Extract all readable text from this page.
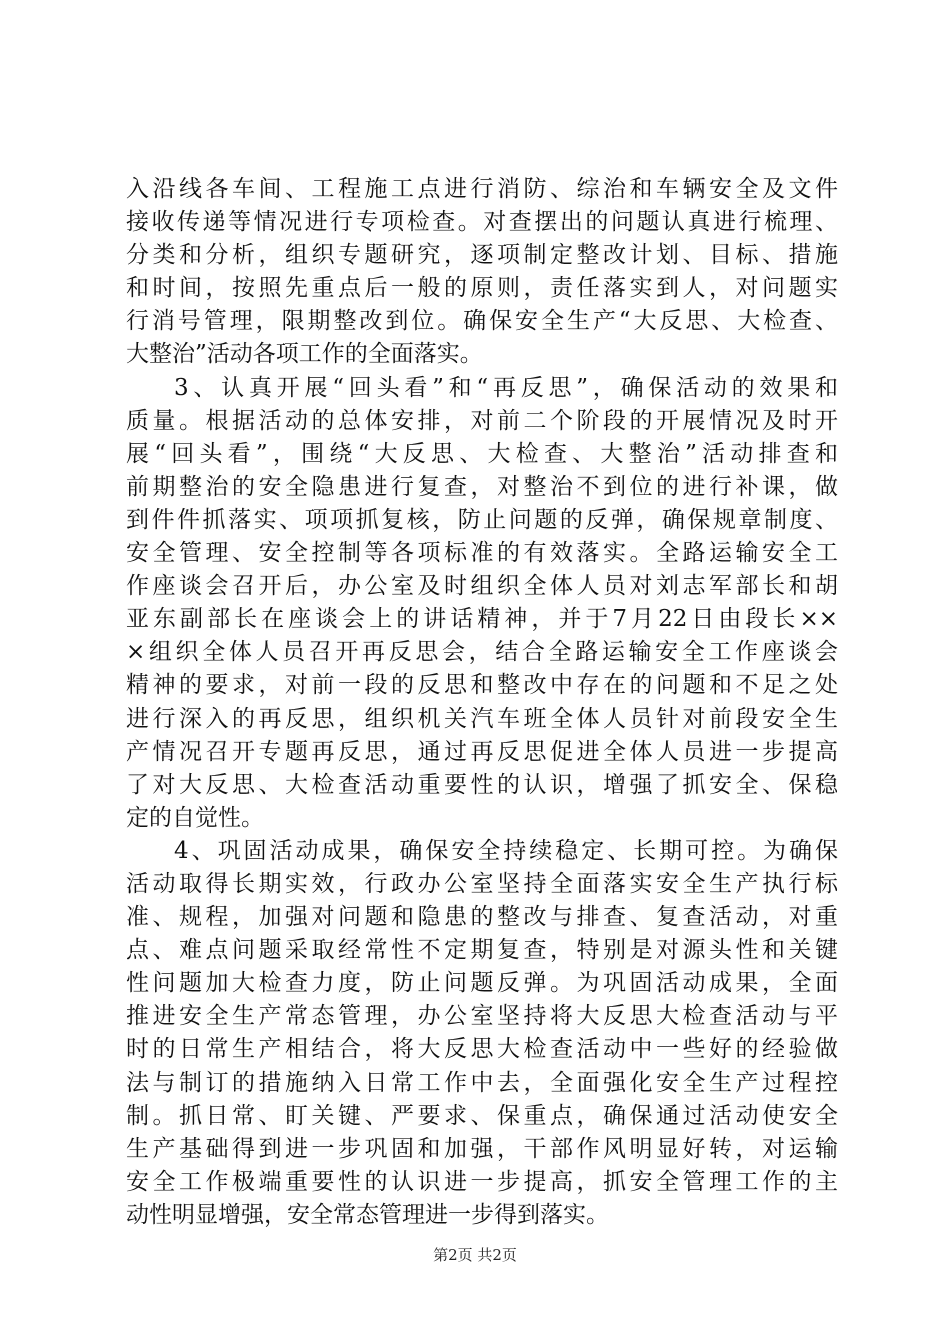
入沿线各车间、工程施工点进行消防、综治和车辆安全及文件
接收传递等情况进行专项检查。对查摆出的问题认真进行梳理、
分类和分析，组织专题研究，逐项制定整改计划、目标、措施
和时间，按照先重点后一般的原则，责任落实到人，对问题实
行消号管理，限期整改到位。确保安全生产“大反思、大检查、
大整治”活动各项工作的全面落实。
3、认真开展“回头看”和“再反思”，确保活动的效果和
质量。根据活动的总体安排，对前二个阶段的开展情况及时开
展“回头看”，围绕“大反思、大检查、大整治”活动排查和
前期整治的安全隐患进行复查，对整治不到位的进行补课，做
到件件抓落实、项项抓复核，防止问题的反弹，确保规章制度、
安全管理、安全控制等各项标准的有效落实。全路运输安全工
作座谈会召开后，办公室及时组织全体人员对刘志军部长和胡
亚东副部长在座谈会上的讲话精神，并于7月22日由段长××
×组织全体人员召开再反思会，结合全路运输安全工作座谈会
精神的要求，对前一段的反思和整改中存在的问题和不足之处
进行深入的再反思，组织机关汽车班全体人员针对前段安全生
产情况召开专题再反思，通过再反思促进全体人员进一步提高
了对大反思、大检查活动重要性的认识，增强了抓安全、保稳
定的自觉性。
4、巩固活动成果，确保安全持续稳定、长期可控。为确保
活动取得长期实效，行政办公室坚持全面落实安全生产执行标
准、规程，加强对问题和隐患的整改与排查、复查活动，对重
点、难点问题采取经常性不定期复查，特别是对源头性和关键
性问题加大检查力度，防止问题反弹。为巩固活动成果，全面
推进安全生产常态管理，办公室坚持将大反思大检查活动与平
时的日常生产相结合，将大反思大检查活动中一些好的经验做
法与制订的措施纳入日常工作中去，全面强化安全生产过程控
制。抓日常、盯关键、严要求、保重点，确保通过活动使安全
生产基础得到进一步巩固和加强，干部作风明显好转，对运输
安全工作极端重要性的认识进一步提高，抓安全管理工作的主
动性明显增强，安全常态管理进一步得到落实。
第2页 共2页
